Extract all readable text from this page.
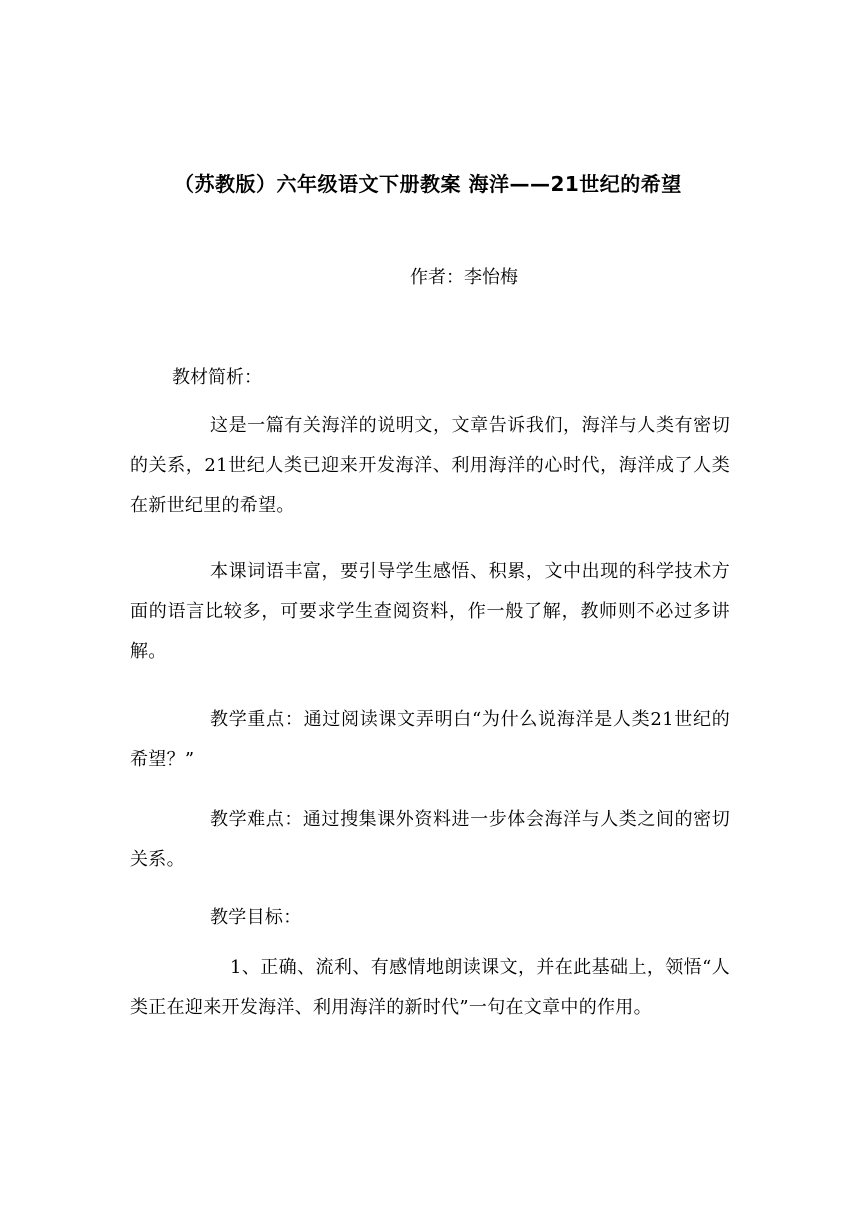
（苏教版）六年级语文下册教案 海洋——21世纪的希望

作者：李怡梅

教材简析：

这是一篇有关海洋的说明文，文章告诉我们，海洋与人类有密切的关系，21世纪人类已迎来开发海洋、利用海洋的心时代，海洋成了人类在新世纪里的希望。

本课词语丰富，要引导学生感悟、积累，文中出现的科学技术方面的语言比较多，可要求学生查阅资料，作一般了解，教师则不必过多讲解。

教学重点：通过阅读课文弄明白“为什么说海洋是人类21世纪的希望？”

教学难点：通过搜集课外资料进一步体会海洋与人类之间的密切关系。

教学目标：

1、正确、流利、有感情地朗读课文，并在此基础上，领悟“人类正在迎来开发海洋、利用海洋的新时代”一句在文章中的作用。
